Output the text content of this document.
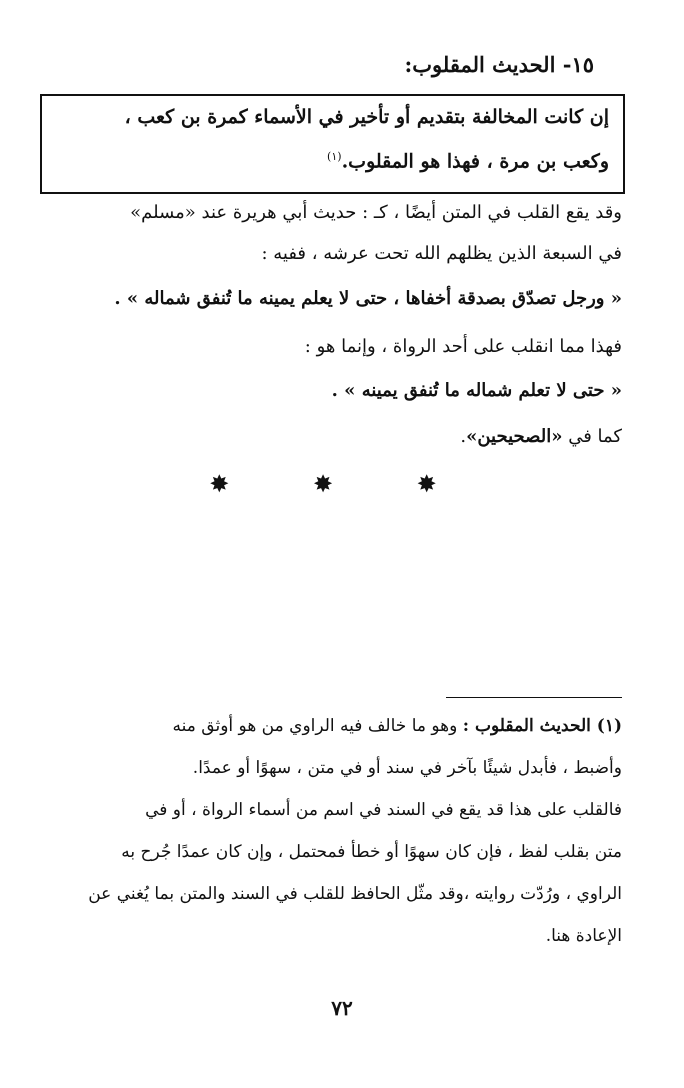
١٥- الحديث المقلوب:
إن كانت المخالفة بتقديم أو تأخير في الأسماء كمرة بن كعب ،
وكعب بن مرة ، فهذا هو المقلوب.$^{(١)}$
وقد يقع القلب في المتن أيضًا ، كـ : حديث أبي هريرة عند «مسلم»
في السبعة الذين يظلهم الله تحت عرشه ، ففيه :
« ورجل تصدّق بصدقة أخفاها ، حتى لا يعلم يمينه ما تُنفق شماله » .
فهذا مما انقلب على أحد الرواة ، وإنما هو :
« حتى لا تعلم شماله ما تُنفق يمينه » .
كما في «الصحيحين».
✸ ✸ ✸
(١) الحديث المقلوب : وهو ما خالف فيه الراوي من هو أوثق منه
وأضبط ، فأبدل شيئًا بآخر في سند أو في متن ، سهوًا أو عمدًا.
فالقلب على هذا قد يقع في السند في اسم من أسماء الرواة ، أو في
متن بقلب لفظ ، فإن كان سهوًا أو خطأ فمحتمل ، وإن كان عمدًا جُرح به
الراوي ، ورُدّت روايته ،وقد مثّل الحافظ للقلب في السند والمتن بما يُغني عن
الإعادة هنا.
٧٢
